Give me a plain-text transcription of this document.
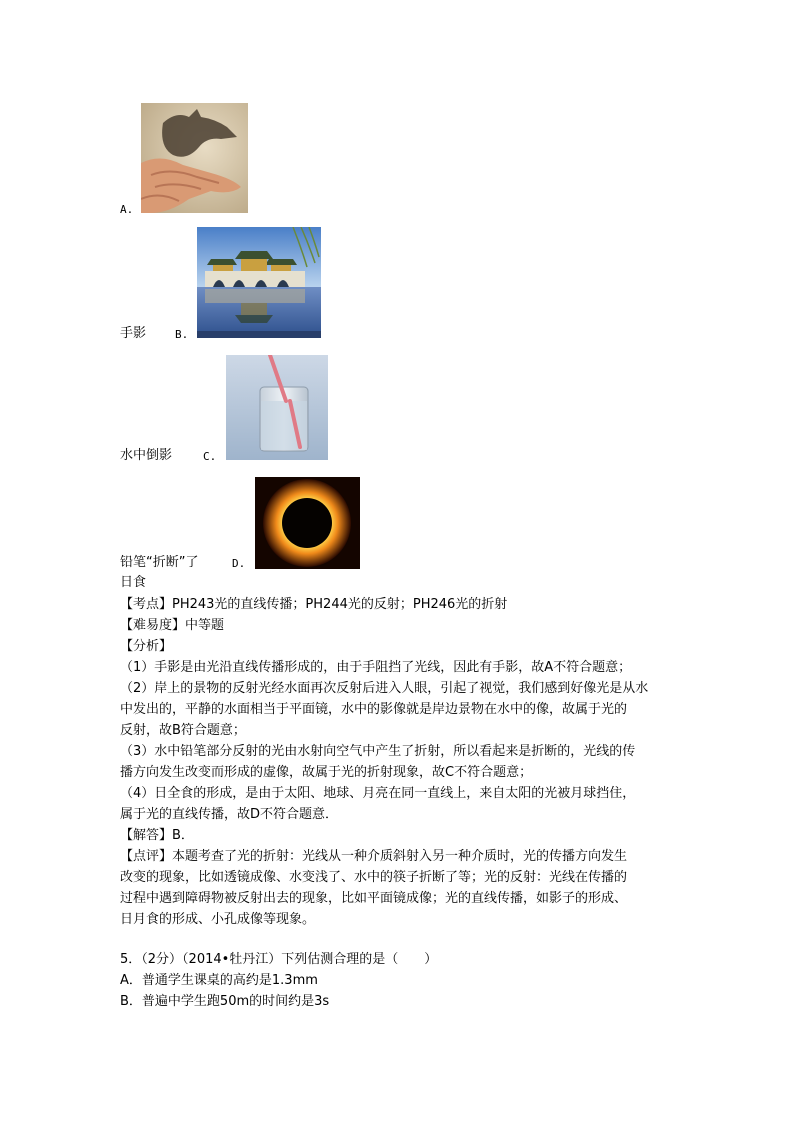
A.
手影	B.
水中倒影	C.
铅笔“折断”了	D.
日食
【考点】PH243光的直线传播；PH244光的反射；PH246光的折射
【难易度】中等题
【分析】
（1）手影是由光沿直线传播形成的，由于手阻挡了光线，因此有手影，故A不符合题意；
（2）岸上的景物的反射光经水面再次反射后进入人眼，引起了视觉，我们感到好像光是从水
中发出的，平静的水面相当于平面镜，水中的影像就是岸边景物在水中的像，故属于光的
反射，故B符合题意；
（3）水中铅笔部分反射的光由水射向空气中产生了折射，所以看起来是折断的，光线的传
播方向发生改变而形成的虚像，故属于光的折射现象，故C不符合题意；
（4）日全食的形成，是由于太阳、地球、月亮在同一直线上，来自太阳的光被月球挡住，
属于光的直线传播，故D不符合题意．
【解答】B．
【点评】本题考查了光的折射：光线从一种介质斜射入另一种介质时，光的传播方向发生
改变的现象，比如透镜成像、水变浅了、水中的筷子折断了等；光的反射：光线在传播的
过程中遇到障碍物被反射出去的现象，比如平面镜成像；光的直线传播，如影子的形成、
日月食的形成、小孔成像等现象。
5．（2分）（2014•牡丹江）下列估测合理的是（　　）
A．普通学生课桌的高约是1.3mm
B．普遍中学生跑50m的时间约是3s
